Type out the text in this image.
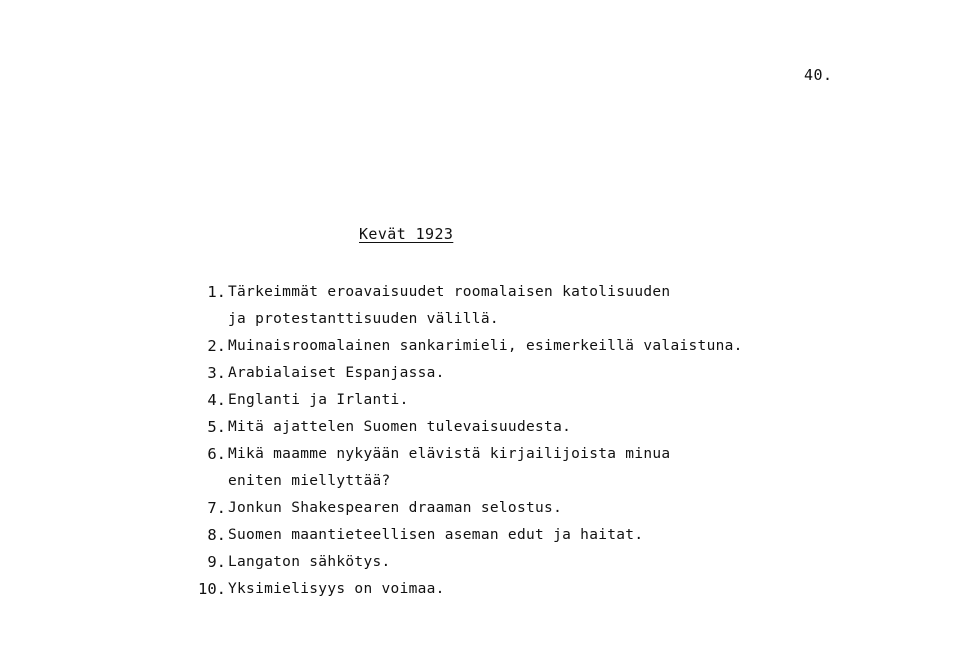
40.
Kevät 1923
1. Tärkeimmät eroavaisuudet roomalaisen katolisuuden
ja protestanttisuuden välillä.
2. Muinaisroomalainen sankarimieli, esimerkeillä valaistuna.
3. Arabialaiset Espanjassa.
4. Englanti ja Irlanti.
5. Mitä ajattelen Suomen tulevaisuudesta.
6. Mikä maamme nykyään elävistä kirjailijoista minua
eniten miellyttää?
7. Jonkun Shakespearen draaman selostus.
8. Suomen maantieteellisen aseman edut ja haitat.
9. Langaton sähkötys.
10. Yksimielisyys on voimaa.
